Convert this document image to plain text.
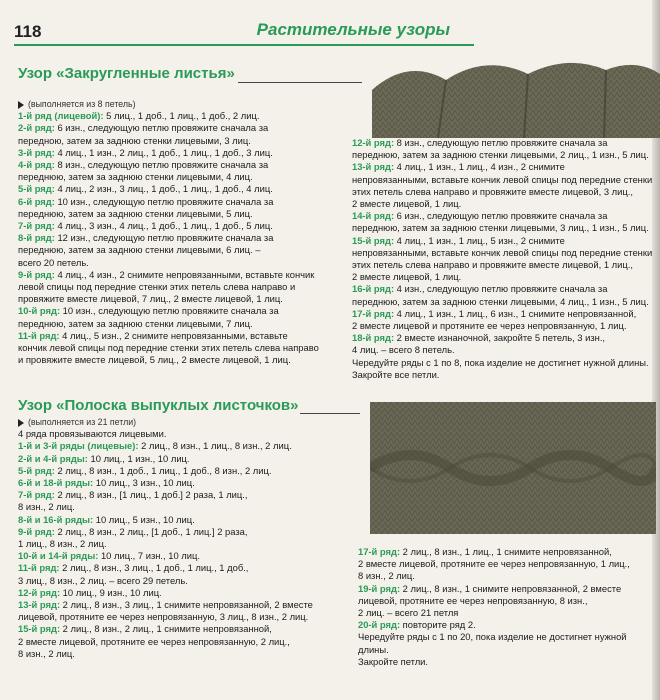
118	Растительные узоры
Узор «Закругленные листья»
(выполняется из 8 петель)
1-й ряд (лицевой): 5 лиц., 1 доб., 1 лиц., 1 доб., 2 лиц.
2-й ряд: 6 изн., следующую петлю провяжите сначала за
передною, затем за заднюю стенки лицевыми, 3 лиц.
3-й ряд: 4 лиц., 1 изн., 2 лиц., 1 доб., 1 лиц., 1 доб., 3 лиц.
4-й ряд: 8 изн., следующую петлю провяжите сначала за
переднюю, затем за заднюю стенки лицевыми, 4 лиц.
5-й ряд: 4 лиц., 2 изн., 3 лиц., 1 доб., 1 лиц., 1 доб., 4 лиц.
6-й ряд: 10 изн., следующую петлю провяжите сначала за
переднюю, затем за заднюю стенки лицевыми, 5 лиц.
7-й ряд: 4 лиц., 3 изн., 4 лиц., 1 доб., 1 лиц., 1 доб., 5 лиц.
8-й ряд: 12 изн., следующую петлю провяжите сначала за
переднюю, затем за заднюю стенки лицевыми, 6 лиц. –
всего 20 петель.
9-й ряд: 4 лиц., 4 изн., 2 снимите непровязанными, вставьте кончик
левой спицы под передние стенки этих петель слева направо и
провяжите вместе лицевой, 7 лиц., 2 вместе лицевой, 1 лиц.
10-й ряд: 10 изн., следующую петлю провяжите сначала за
переднюю, затем за заднюю стенки лицевыми, 7 лиц.
11-й ряд: 4 лиц., 5 изн., 2 снимите непровязанными, вставьте
кончик левой спицы под передние стенки этих петель слева направо
и провяжите вместе лицевой, 5 лиц., 2 вместе лицевой, 1 лиц.
12-й ряд: 8 изн., следующую петлю провяжите сначала за
переднюю, затем за заднюю стенки лицевыми, 2 лиц., 1 изн., 5 лиц.
13-й ряд: 4 лиц., 1 изн., 1 лиц., 4 изн., 2 снимите
непровязанными, вставьте кончик левой спицы под передние стенки
этих петель слева направо и провяжите вместе лицевой, 3 лиц.,
2 вместе лицевой, 1 лиц.
14-й ряд: 6 изн., следующую петлю провяжите сначала за
переднюю, затем за заднюю стенки лицевыми, 3 лиц., 1 изн., 5 лиц.
15-й ряд: 4 лиц., 1 изн., 1 лиц., 5 изн., 2 снимите
непровязанными, вставьте кончик левой спицы под передние стенки
этих петель слева направо и провяжите вместе лицевой, 1 лиц.,
2 вместе лицевой, 1 лиц.
16-й ряд: 4 изн., следующую петлю провяжите сначала за
переднюю, затем за заднюю стенки лицевыми, 4 лиц., 1 изн., 5 лиц.
17-й ряд: 4 лиц., 1 изн., 1 лиц., 6 изн., 1 снимите непровязанной,
2 вместе лицевой и протяните ее через непровязанную, 1 лиц.
18-й ряд: 2 вместе изнаночной, закройте 5 петель, 3 изн.,
4 лиц. – всего 8 петель.
Чередуйте ряды с 1 по 8, пока изделие не достигнет нужной длины.
Закройте все петли.
Узор «Полоска выпуклых листочков»
(выполняется из 21 петли)
4 ряда провязываются лицевыми.
1-й и 3-й ряды (лицевые): 2 лиц., 8 изн., 1 лиц., 8 изн., 2 лиц.
2-й и 4-й ряды: 10 лиц., 1 изн., 10 лиц.
5-й ряд: 2 лиц., 8 изн., 1 доб., 1 лиц., 1 доб., 8 изн., 2 лиц.
6-й и 18-й ряды: 10 лиц., 3 изн., 10 лиц.
7-й ряд: 2 лиц., 8 изн., [1 лиц., 1 доб.] 2 раза, 1 лиц.,
8 изн., 2 лиц.
8-й и 16-й ряды: 10 лиц., 5 изн., 10 лиц.
9-й ряд: 2 лиц., 8 изн., 2 лиц., [1 доб., 1 лиц.] 2 раза,
1 лиц., 8 изн., 2 лиц.
10-й и 14-й ряды: 10 лиц., 7 изн., 10 лиц.
11-й ряд: 2 лиц., 8 изн., 3 лиц., 1 доб., 1 лиц., 1 доб.,
3 лиц., 8 изн., 2 лиц. – всего 29 петель.
12-й ряд: 10 лиц., 9 изн., 10 лиц.
13-й ряд: 2 лиц., 8 изн., 3 лиц., 1 снимите непровязанной, 2 вместе
лицевой, протяните ее через непровязанную, 3 лиц., 8 изн., 2 лиц.
15-й ряд: 2 лиц., 8 изн., 2 лиц., 1 снимите непровязанной,
2 вместе лицевой, протяните ее через непровязанную, 2 лиц.,
8 изн., 2 лиц.
17-й ряд: 2 лиц., 8 изн., 1 лиц., 1 снимите непровязанной,
2 вместе лицевой, протяните ее через непровязанную, 1 лиц.,
8 изн., 2 лиц.
19-й ряд: 2 лиц., 8 изн., 1 снимите непровязанной, 2 вместе
лицевой, протяните ее через непровязанную, 8 изн.,
2 лиц. – всего 21 петля
20-й ряд: повторите ряд 2.
Чередуйте ряды с 1 по 20, пока изделие не достигнет нужной
длины.
Закройте петли.
